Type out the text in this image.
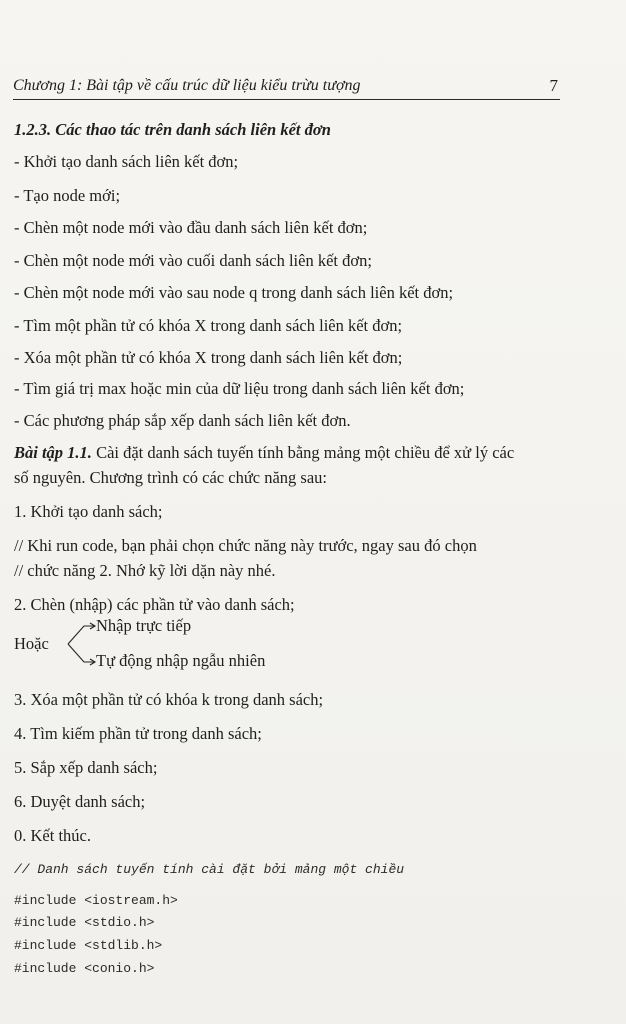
Chương 1: Bài tập về cấu trúc dữ liệu kiểu trừu tượng	7
1.2.3. Các thao tác trên danh sách liên kết đơn
- Khởi tạo danh sách liên kết đơn;
- Tạo node mới;
- Chèn một node mới vào đầu danh sách liên kết đơn;
- Chèn một node mới vào cuối danh sách liên kết đơn;
- Chèn một node mới vào sau node q trong danh sách liên kết đơn;
- Tìm một phần tử có khóa X trong danh sách liên kết đơn;
- Xóa một phần tử có khóa X trong danh sách liên kết đơn;
- Tìm giá trị max hoặc min của dữ liệu trong danh sách liên kết đơn;
- Các phương pháp sắp xếp danh sách liên kết đơn.
Bài tập 1.1. Cài đặt danh sách tuyến tính bằng mảng một chiều để xử lý các
số nguyên. Chương trình có các chức năng sau:
1. Khởi tạo danh sách;
// Khi run code, bạn phải chọn chức năng này trước, ngay sau đó chọn
// chức năng 2. Nhớ kỹ lời dặn này nhé.
2. Chèn (nhập) các phần tử vào danh sách;
Hoặc
Nhập trực tiếp
Tự động nhập ngẫu nhiên
3. Xóa một phần tử có khóa k trong danh sách;
4. Tìm kiếm phần tử trong danh sách;
5. Sắp xếp danh sách;
6. Duyệt danh sách;
0. Kết thúc.
// Danh sách tuyến tính cài đặt bởi mảng một chiều
#include <iostream.h>
#include <stdio.h>
#include <stdlib.h>
#include <conio.h>
